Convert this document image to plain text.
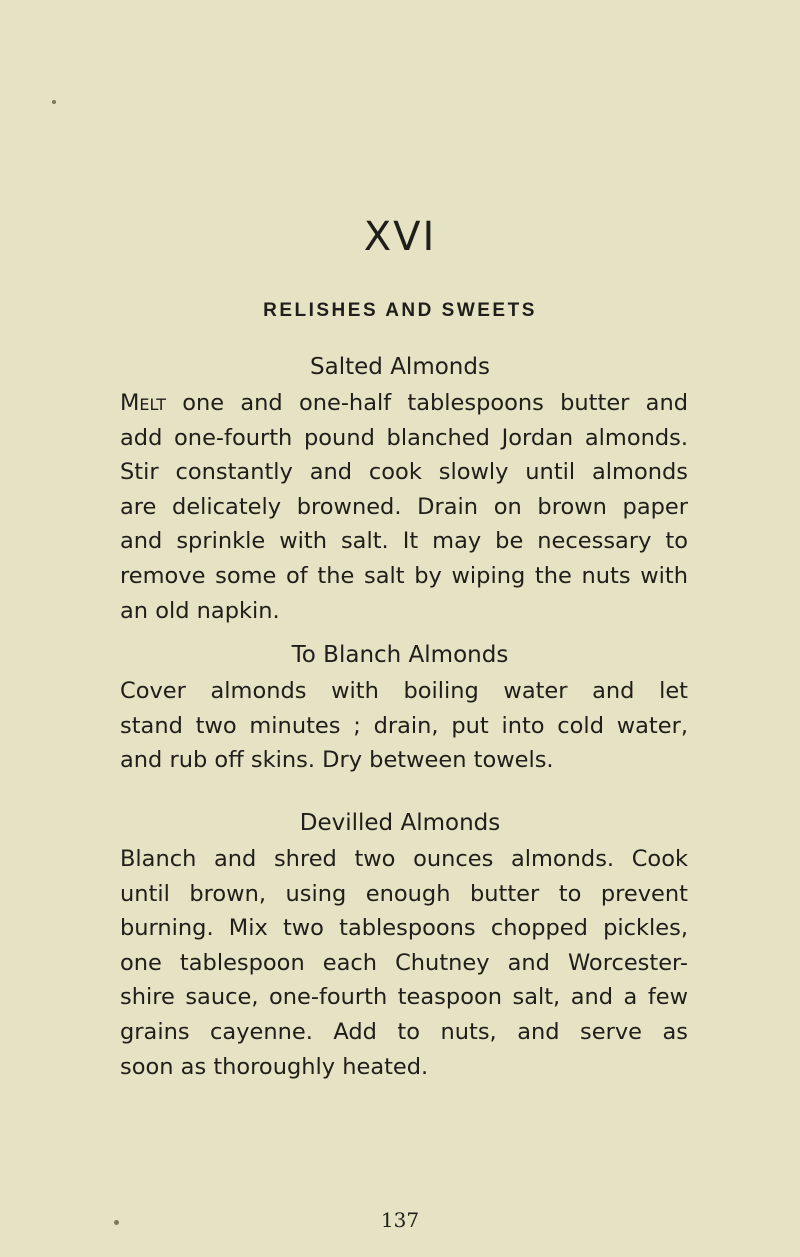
XVI
RELISHES AND SWEETS
Salted Almonds
Melt one and one-half tablespoons butter and
add one-fourth pound blanched Jordan almonds.
Stir constantly and cook slowly until almonds
are delicately browned. Drain on brown paper
and sprinkle with salt. It may be necessary to
remove some of the salt by wiping the nuts with
an old napkin.
To Blanch Almonds
Cover almonds with boiling water and let
stand two minutes ; drain, put into cold water,
and rub off skins. Dry between towels.
Devilled Almonds
Blanch and shred two ounces almonds. Cook
until brown, using enough butter to prevent
burning. Mix two tablespoons chopped pickles,
one tablespoon each Chutney and Worcester-
shire sauce, one-fourth teaspoon salt, and a few
grains cayenne. Add to nuts, and serve as
soon as thoroughly heated.
137
